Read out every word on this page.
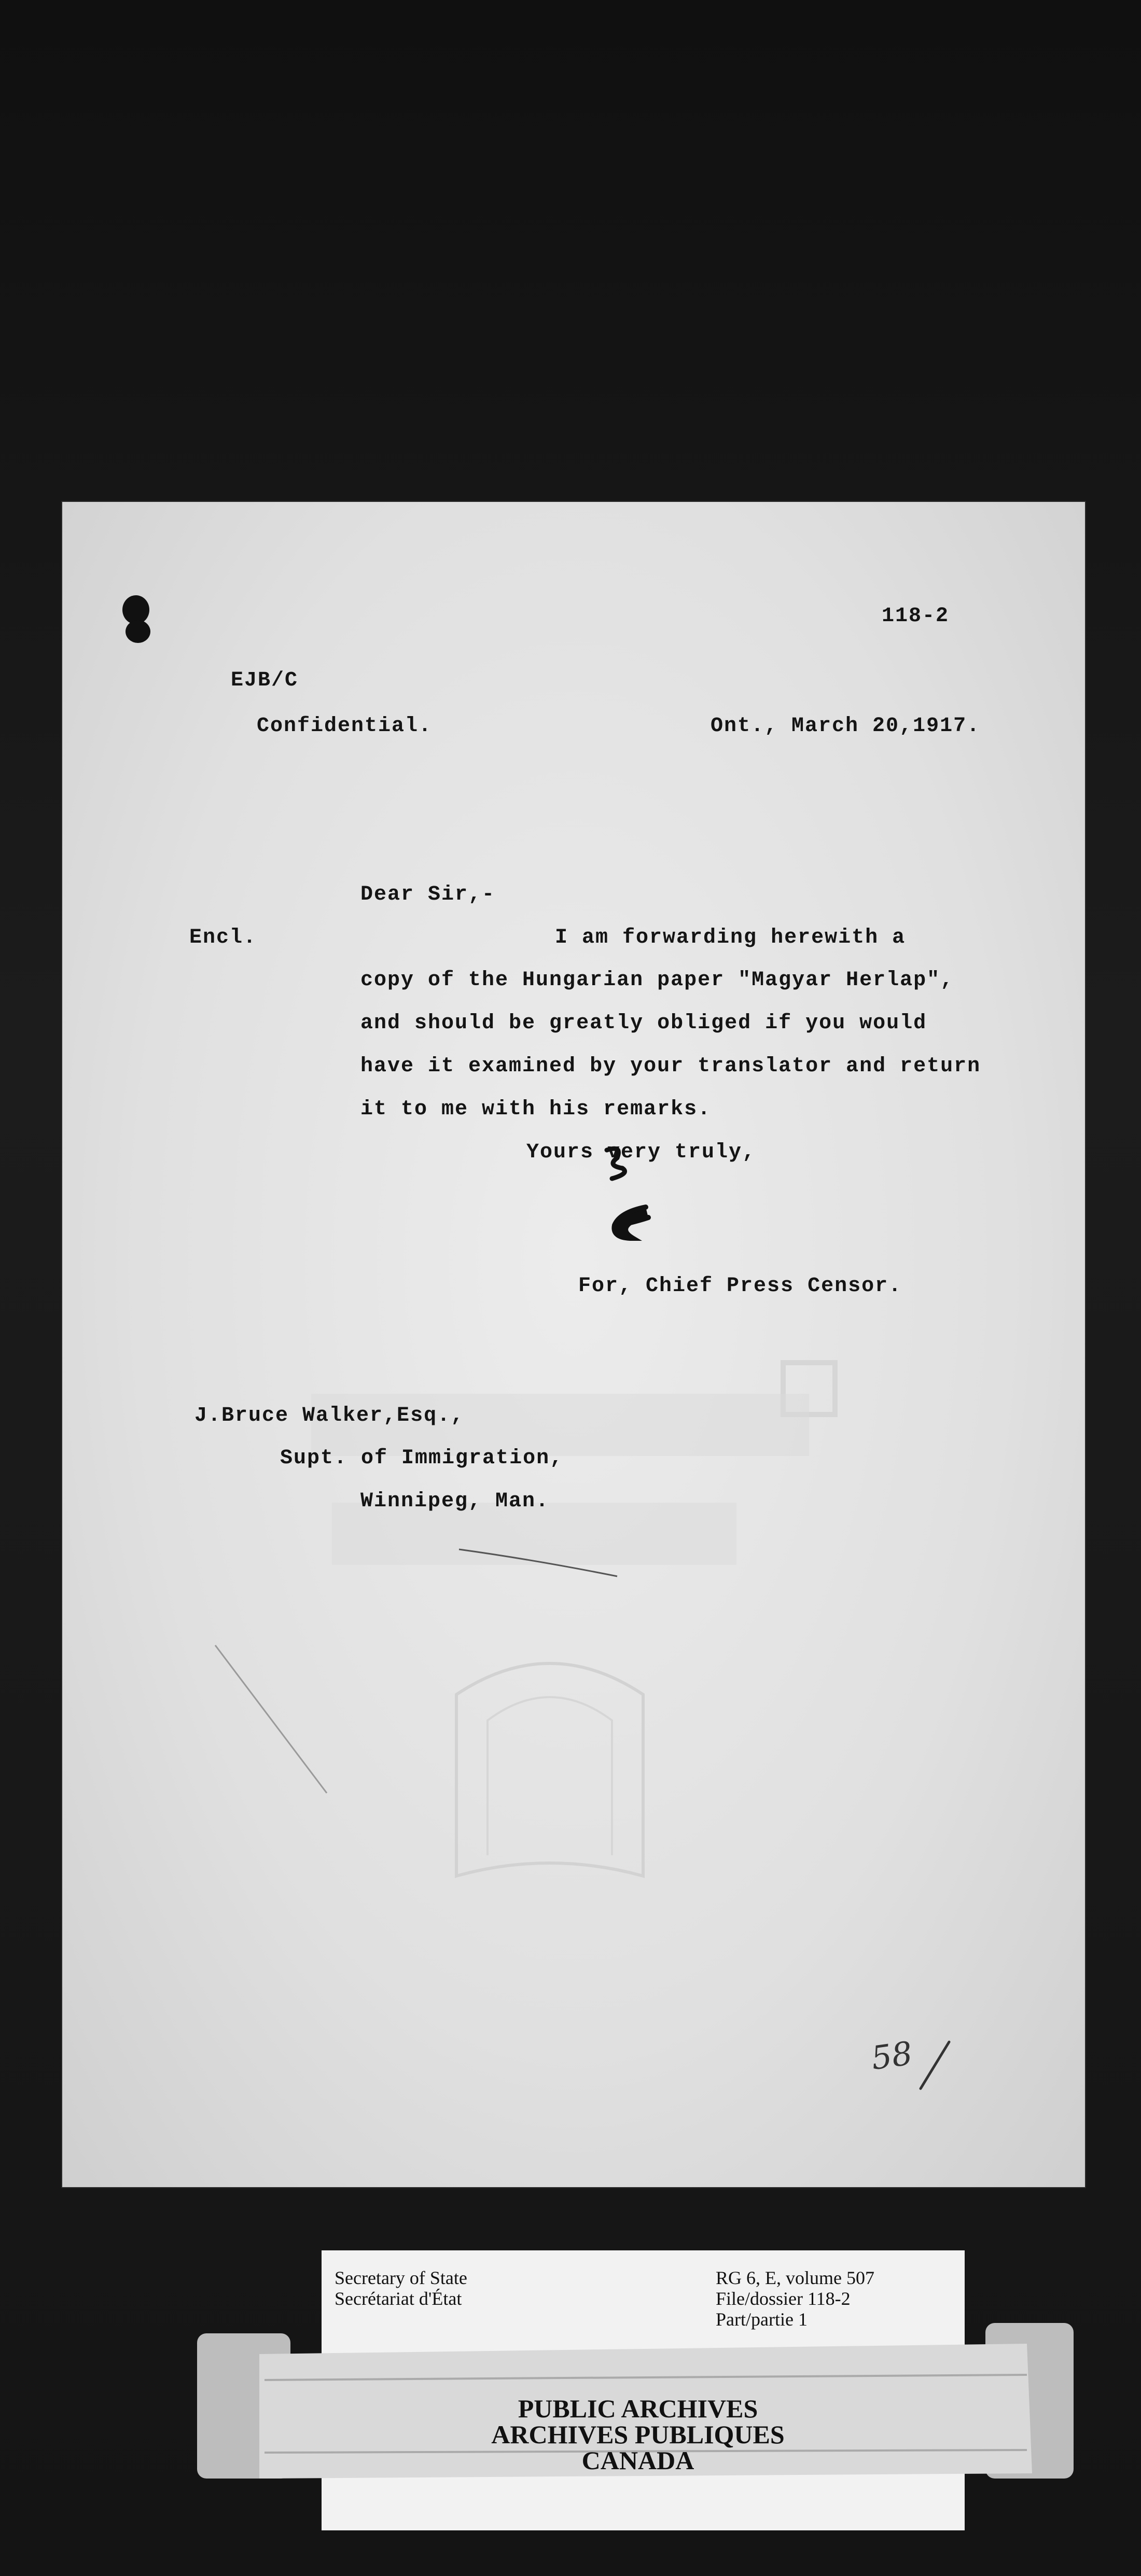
118-2
EJB/C
Confidential.	Ont., March 20,1917.
Dear Sir,-
Encl.	I am forwarding herewith a
copy of the Hungarian paper "Magyar Herlap",
and should be greatly obliged if you would
have it examined by your translator and return
it to me with his remarks.
Yours very truly,
For, Chief Press Censor.
J.Bruce Walker,Esq.,
Supt. of Immigration,
Winnipeg, Man.
58
Secretary of State
Secrétariat d'État
RG 6, E, volume 507
File/dossier 118-2
Part/partie 1
PUBLIC ARCHIVES
ARCHIVES PUBLIQUES
CANADA
